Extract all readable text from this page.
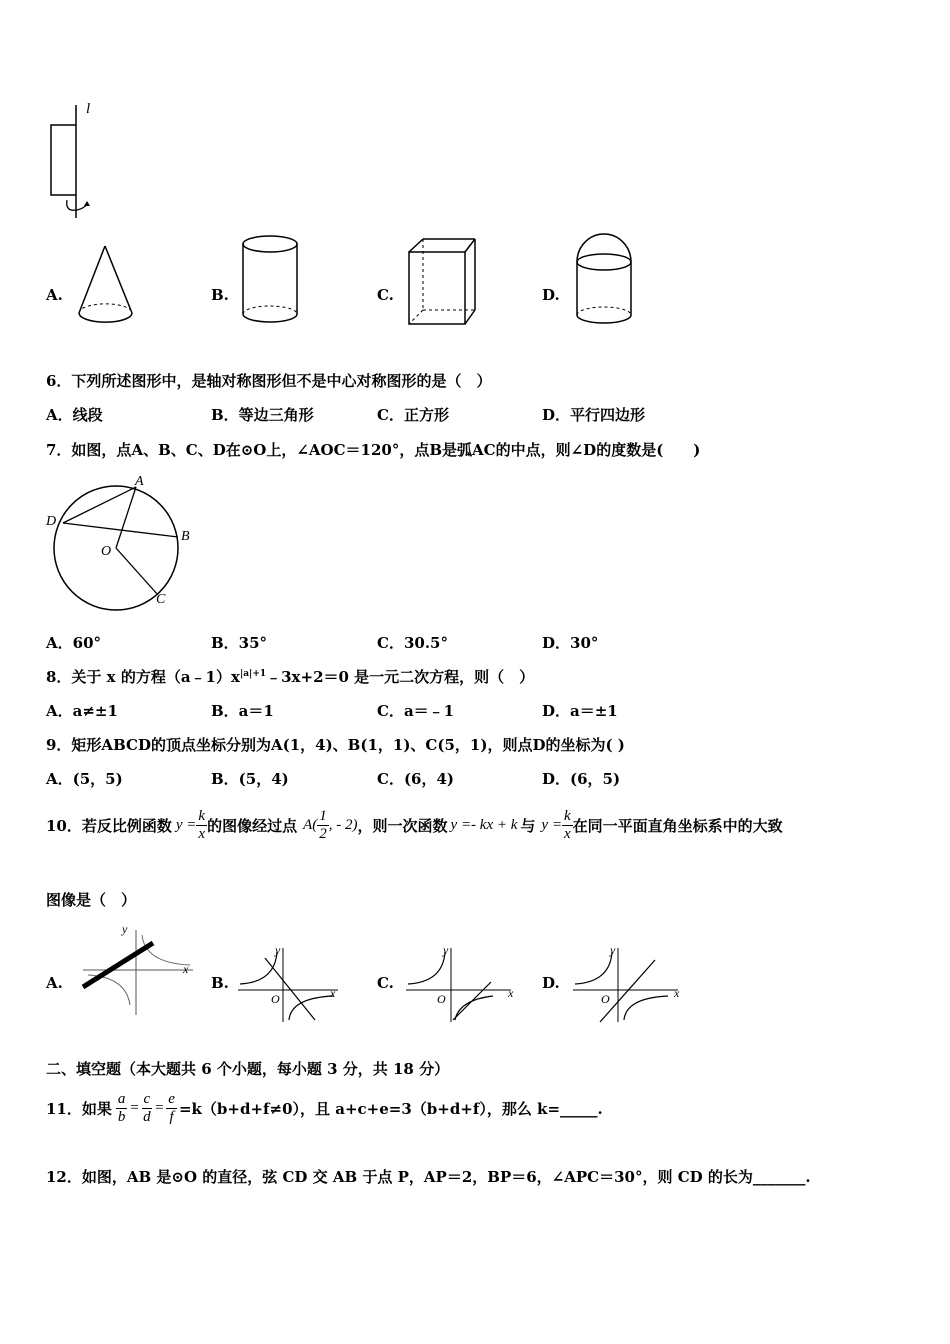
l
A.	B.	C.	D.
6．下列所述图形中，是轴对称图形但不是中心对称图形的是（　）
A．线段	B．等边三角形	C．正方形	D．平行四边形
7．如图，点A、B、C、D在⊙O上，∠AOC＝120°，点B是弧AC的中点，则∠D的度数是(　　)
A
B
C
D
O
A．60°	B．35°	C．30.5°	D．30°
8．关于 x 的方程$(a﹣1)x^{|a|+1}﹣3x+2=0$ 是一元二次方程，则（　）
A．a≠±1	B．a＝1	C．a＝﹣1	D．a＝±1
9．矩形ABCD的顶点坐标分别为A(1，4)、B(1，1)、C(5，1)，则点D的坐标为( )
A．(5，5)	B．(5，4)	C．(6，4)	D．(6，5)
10．若反比例函数 $y = \frac{k}{x}$ 的图像经过点 $A( \frac{1}{2}$ , - 2) ，则一次函数 y =- kx + k 与 $y = \frac{k}{x}$ 在同一平面直角坐标系中的大致
图像是（　）
A.
y
x
B.
y
x
O
C.
y
x
O
D.
y
x
O
二、填空题（本大题共 6 个小题，每小题 3 分，共 18 分）
11．如果 $\frac{a}{b} = \frac{c}{d} = \frac{e}{f} =k(b+d+f\ne 0)$，且 a+c+e=3（b+d+f），那么 k=_____.
12．如图，AB 是⊙O 的直径，弦 CD 交 AB 于点 P，AP＝2，BP＝6，∠APC＝30°，则 CD 的长为_______.
